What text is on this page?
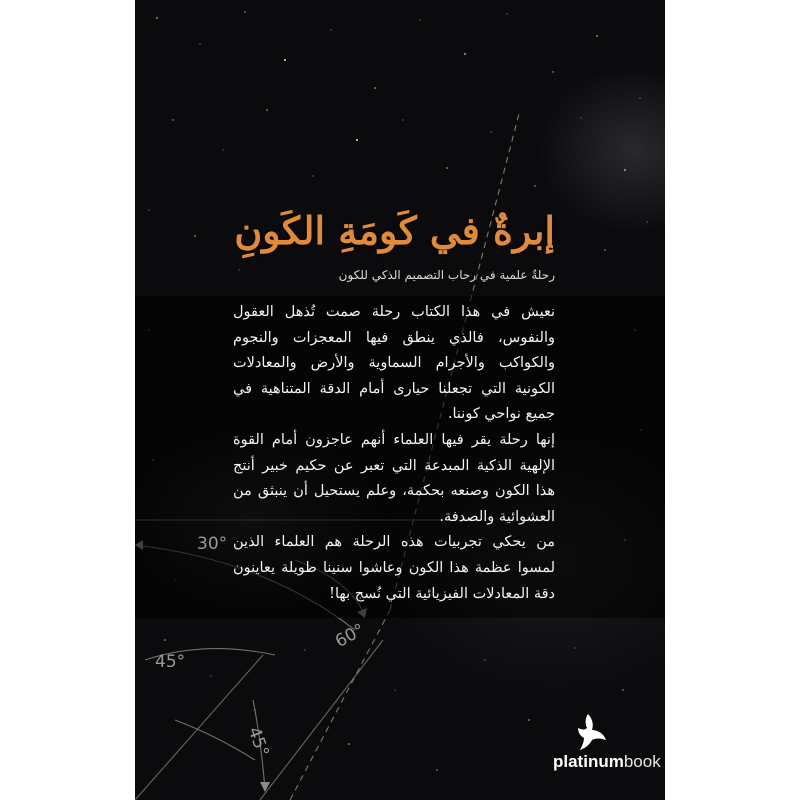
إبرةٌ في كَومَةِ الكَونِ
رحلةٌ علمية في رحاب التصميم الذكي للكون

نعيش في هذا الكتاب رحلة صمت تُذهل العقول والنفوس، فالذي ينطق فيها المعجزات والنجوم والكواكب والأجرام السماوية والأرض والمعادلات الكونية التي تجعلنا حيارى أمام الدقة المتناهية في جميع نواحي كوننا.

إنها رحلة يقر فيها العلماء أنهم عاجزون أمام القوة الإلهية الذكية المبدعة التي تعبر عن حكيم خبير أنتج هذا الكون وصنعه بحكمة، وعلم يستحيل أن ينبثق من العشوائية والصدفة.

من يحكي تجربيات هذه الرحلة هم العلماء الذين لمسوا عظمة هذا الكون وعاشوا سنينا طويلة يعاينون دقة المعادلات الفيزيائية التي نُسج بها!

30°
60°
45°
45°
platinumbook
